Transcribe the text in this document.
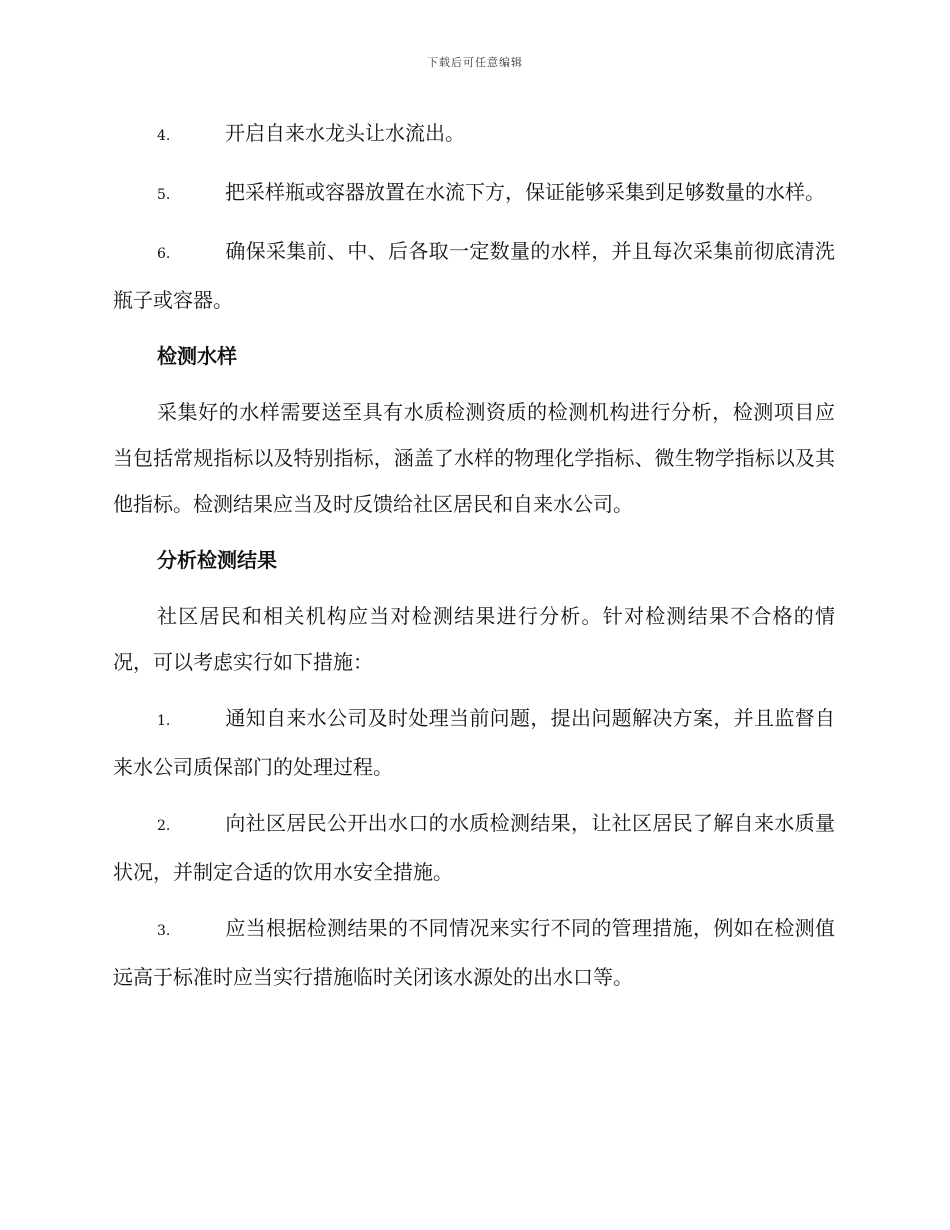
下载后可任意编辑
4.	开启自来水龙头让水流出。
5.	把采样瓶或容器放置在水流下方，保证能够采集到足够数量的水样。
6.	确保采集前、中、后各取一定数量的水样，并且每次采集前彻底清洗瓶子或容器。
检测水样
采集好的水样需要送至具有水质检测资质的检测机构进行分析，检测项目应当包括常规指标以及特别指标，涵盖了水样的物理化学指标、微生物学指标以及其他指标。检测结果应当及时反馈给社区居民和自来水公司。
分析检测结果
社区居民和相关机构应当对检测结果进行分析。针对检测结果不合格的情况，可以考虑实行如下措施：
1.	通知自来水公司及时处理当前问题，提出问题解决方案，并且监督自来水公司质保部门的处理过程。
2.	向社区居民公开出水口的水质检测结果，让社区居民了解自来水质量状况，并制定合适的饮用水安全措施。
3.	应当根据检测结果的不同情况来实行不同的管理措施，例如在检测值远高于标准时应当实行措施临时关闭该水源处的出水口等。
